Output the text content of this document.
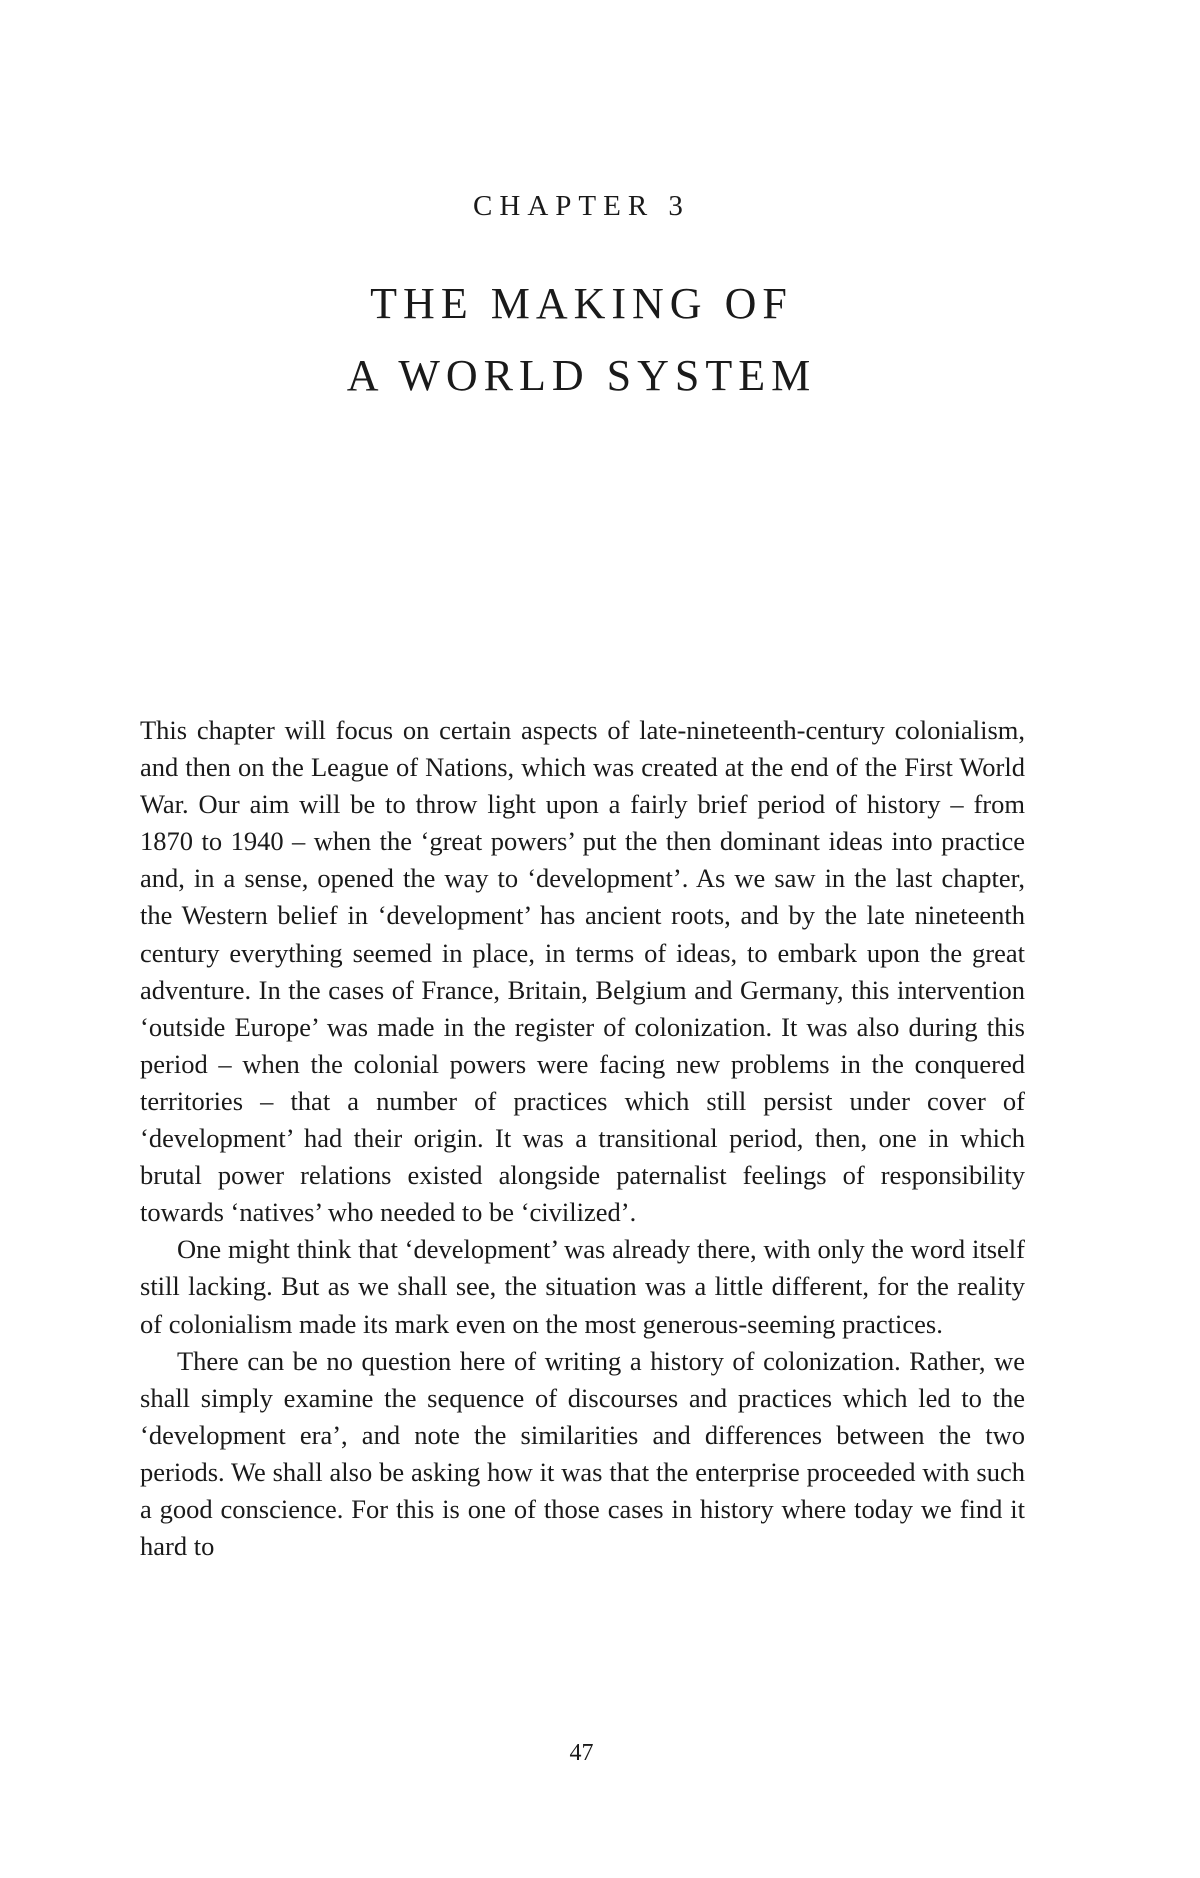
CHAPTER 3
THE MAKING OF
A WORLD SYSTEM

This chapter will focus on certain aspects of late-nineteenth-century colonialism, and then on the League of Nations, which was created at the end of the First World War. Our aim will be to throw light upon a fairly brief period of history – from 1870 to 1940 – when the ‘great powers’ put the then dominant ideas into practice and, in a sense, opened the way to ‘development’. As we saw in the last chapter, the Western belief in ‘development’ has ancient roots, and by the late nineteenth century everything seemed in place, in terms of ideas, to embark upon the great adventure. In the cases of France, Britain, Belgium and Germany, this intervention ‘outside Europe’ was made in the register of colonization. It was also during this period – when the colonial powers were facing new problems in the conquered territories – that a number of practices which still persist under cover of ‘development’ had their origin. It was a transitional period, then, one in which brutal power relations existed alongside paternalist feelings of responsibility towards ‘natives’ who needed to be ‘civilized’.

One might think that ‘development’ was already there, with only the word itself still lacking. But as we shall see, the situation was a little different, for the reality of colonialism made its mark even on the most generous-seeming practices.

There can be no question here of writing a history of colonization. Rather, we shall simply examine the sequence of discourses and practices which led to the ‘development era’, and note the similarities and differences between the two periods. We shall also be asking how it was that the enterprise proceeded with such a good conscience. For this is one of those cases in history where today we find it hard to

47
